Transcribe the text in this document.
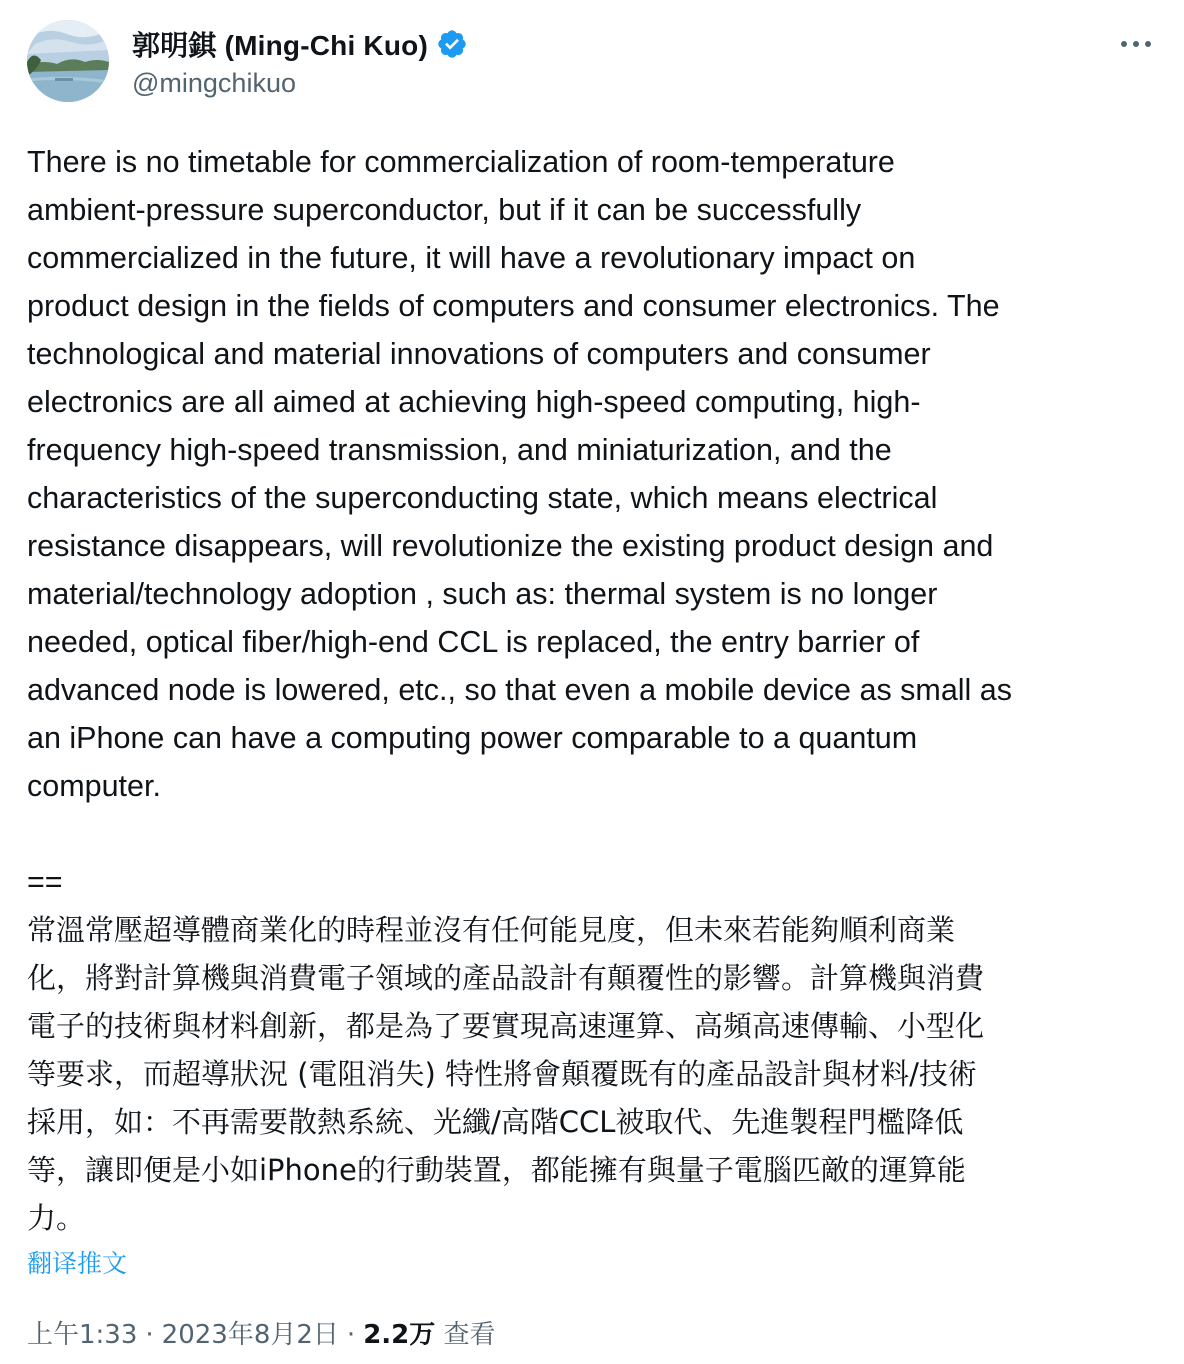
郭明錤 (Ming-Chi Kuo)
@mingchikuo
There is no timetable for commercialization of room-temperature
ambient-pressure superconductor, but if it can be successfully
commercialized in the future, it will have a revolutionary impact on
product design in the fields of computers and consumer electronics. The
technological and material innovations of computers and consumer
electronics are all aimed at achieving high-speed computing, high-
frequency high-speed transmission, and miniaturization, and the
characteristics of the superconducting state, which means electrical
resistance disappears, will revolutionize the existing product design and
material/technology adoption , such as: thermal system is no longer
needed, optical fiber/high-end CCL is replaced, the entry barrier of
advanced node is lowered, etc., so that even a mobile device as small as
an iPhone can have a computing power comparable to a quantum
computer.
==
常溫常壓超導體商業化的時程並沒有任何能見度，但未來若能夠順利商業
化，將對計算機與消費電子領域的產品設計有顛覆性的影響。計算機與消費
電子的技術與材料創新，都是為了要實現高速運算、高頻高速傳輸、小型化
等要求，而超導狀況 (電阻消失) 特性將會顛覆既有的產品設計與材料/技術
採用，如：不再需要散熱系統、光纖/高階CCL被取代、先進製程門檻降低
等，讓即便是小如iPhone的行動裝置，都能擁有與量子電腦匹敵的運算能
力。
翻译推文
上午1:33 · 2023年8月2日 · 2.2万 查看
